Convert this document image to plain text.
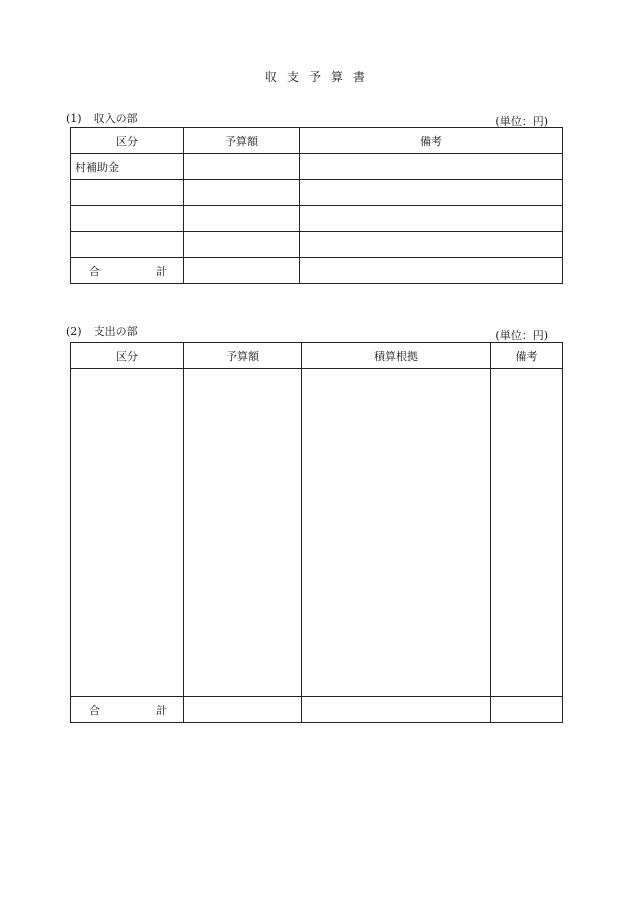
収 支 予 算 書
(1) 収入の部	(単位：円)
区分	予算額	備考
村補助金		

合 計		

(2) 支出の部	(単位：円)
区分	予算額	積算根拠	備考

合 計			
